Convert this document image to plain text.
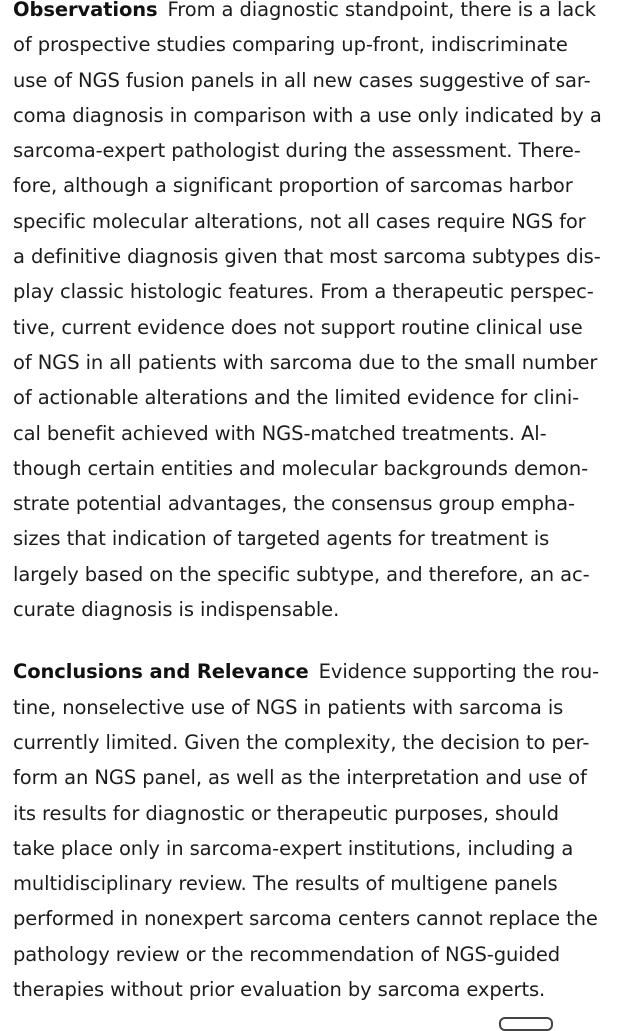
Observations From a diagnostic standpoint, there is a lack
of prospective studies comparing up-front, indiscriminate
use of NGS fusion panels in all new cases suggestive of sar-
coma diagnosis in comparison with a use only indicated by a
sarcoma-expert pathologist during the assessment. There-
fore, although a significant proportion of sarcomas harbor
specific molecular alterations, not all cases require NGS for
a definitive diagnosis given that most sarcoma subtypes dis-
play classic histologic features. From a therapeutic perspec-
tive, current evidence does not support routine clinical use
of NGS in all patients with sarcoma due to the small number
of actionable alterations and the limited evidence for clini-
cal benefit achieved with NGS-matched treatments. Al-
though certain entities and molecular backgrounds demon-
strate potential advantages, the consensus group empha-
sizes that indication of targeted agents for treatment is
largely based on the specific subtype, and therefore, an ac-
curate diagnosis is indispensable.

Conclusions and Relevance Evidence supporting the rou-
tine, nonselective use of NGS in patients with sarcoma is
currently limited. Given the complexity, the decision to per-
form an NGS panel, as well as the interpretation and use of
its results for diagnostic or therapeutic purposes, should
take place only in sarcoma-expert institutions, including a
multidisciplinary review. The results of multigene panels
performed in nonexpert sarcoma centers cannot replace the
pathology review or the recommendation of NGS-guided
therapies without prior evaluation by sarcoma experts.
